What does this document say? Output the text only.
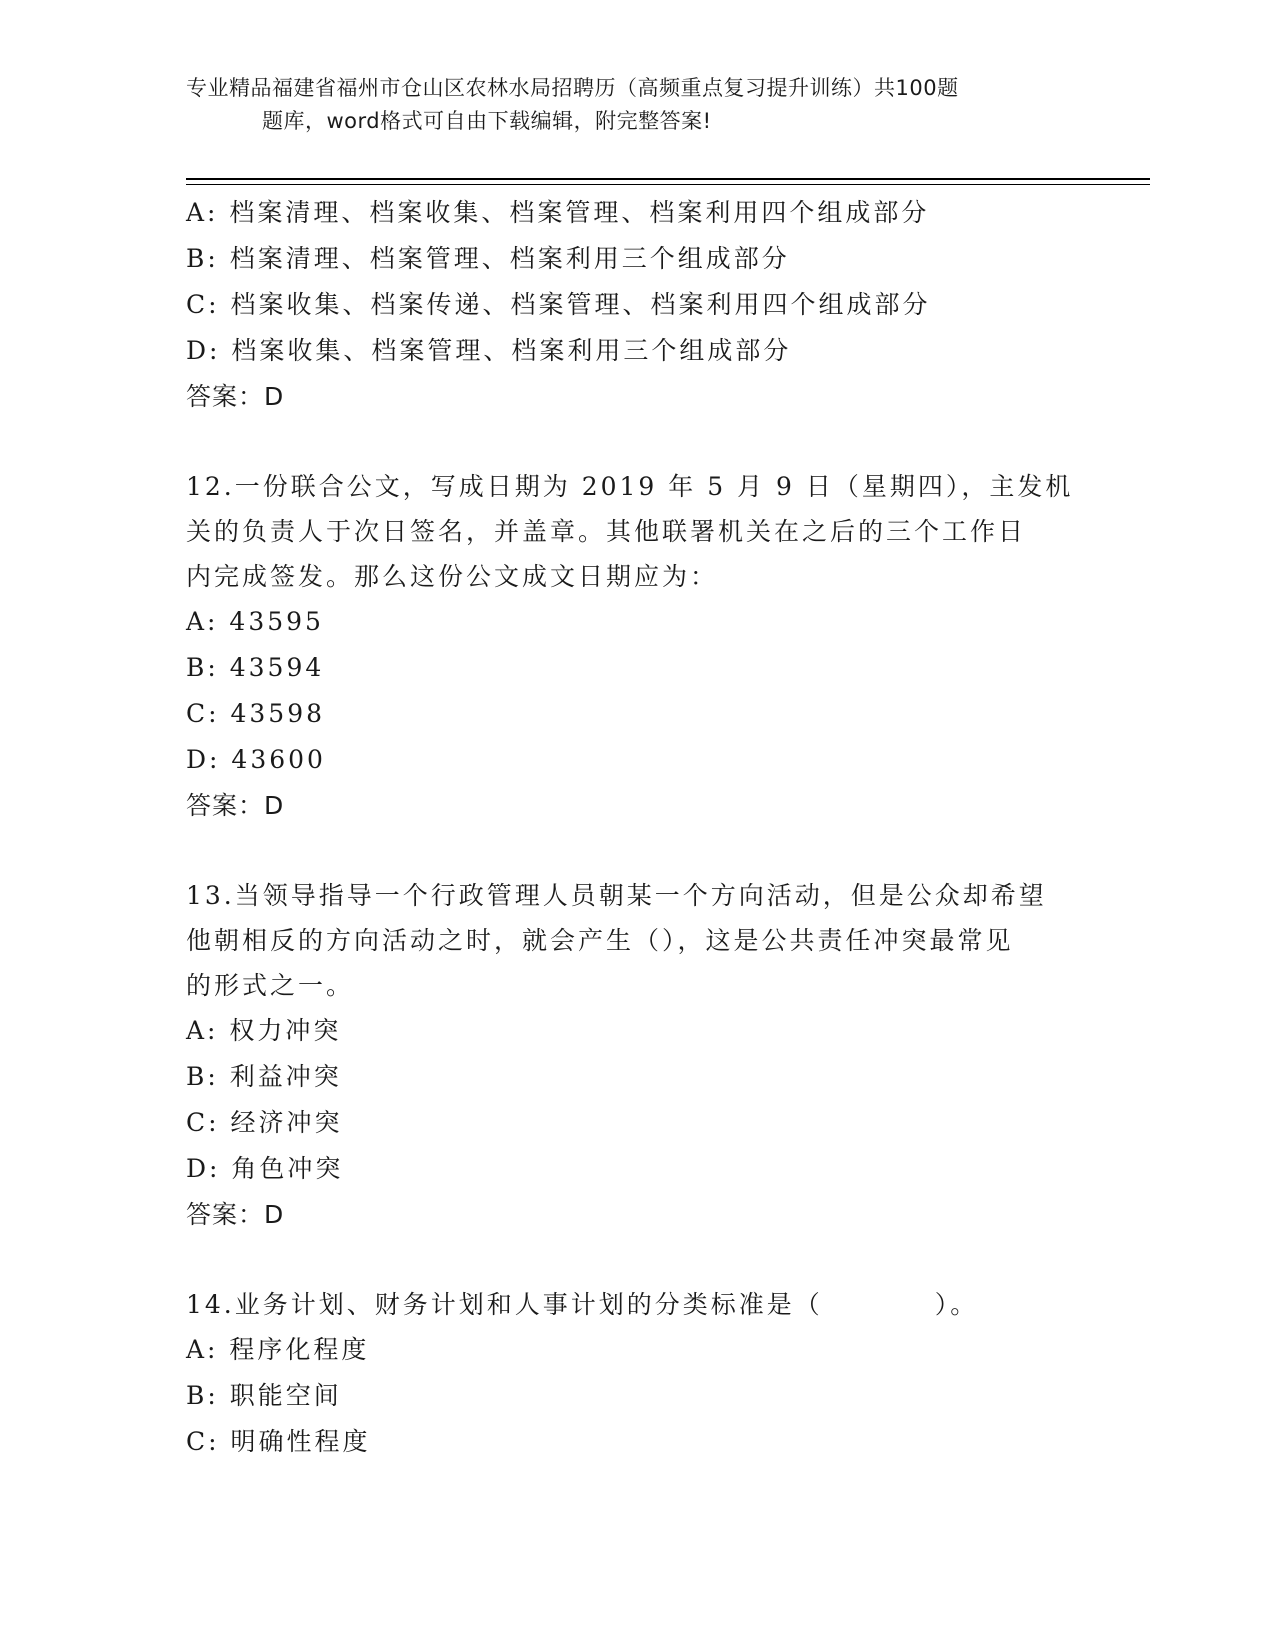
专业精品福建省福州市仓山区农林水局招聘历（高频重点复习提升训练）共100题
题库，word格式可自由下载编辑，附完整答案!
A: 档案清理、档案收集、档案管理、档案利用四个组成部分
B: 档案清理、档案管理、档案利用三个组成部分
C: 档案收集、档案传递、档案管理、档案利用四个组成部分
D: 档案收集、档案管理、档案利用三个组成部分
答案：D
12.一份联合公文，写成日期为 2019 年 5 月 9 日（星期四），主发机
关的负责人于次日签名，并盖章。其他联署机关在之后的三个工作日
内完成签发。那么这份公文成文日期应为：
A: 43595
B: 43594
C: 43598
D: 43600
答案：D
13.当领导指导一个行政管理人员朝某一个方向活动，但是公众却希望
他朝相反的方向活动之时，就会产生（），这是公共责任冲突最常见
的形式之一。
A: 权力冲突
B: 利益冲突
C: 经济冲突
D: 角色冲突
答案：D
14.业务计划、财务计划和人事计划的分类标准是（　　　　）。
A: 程序化程度
B: 职能空间
C: 明确性程度
